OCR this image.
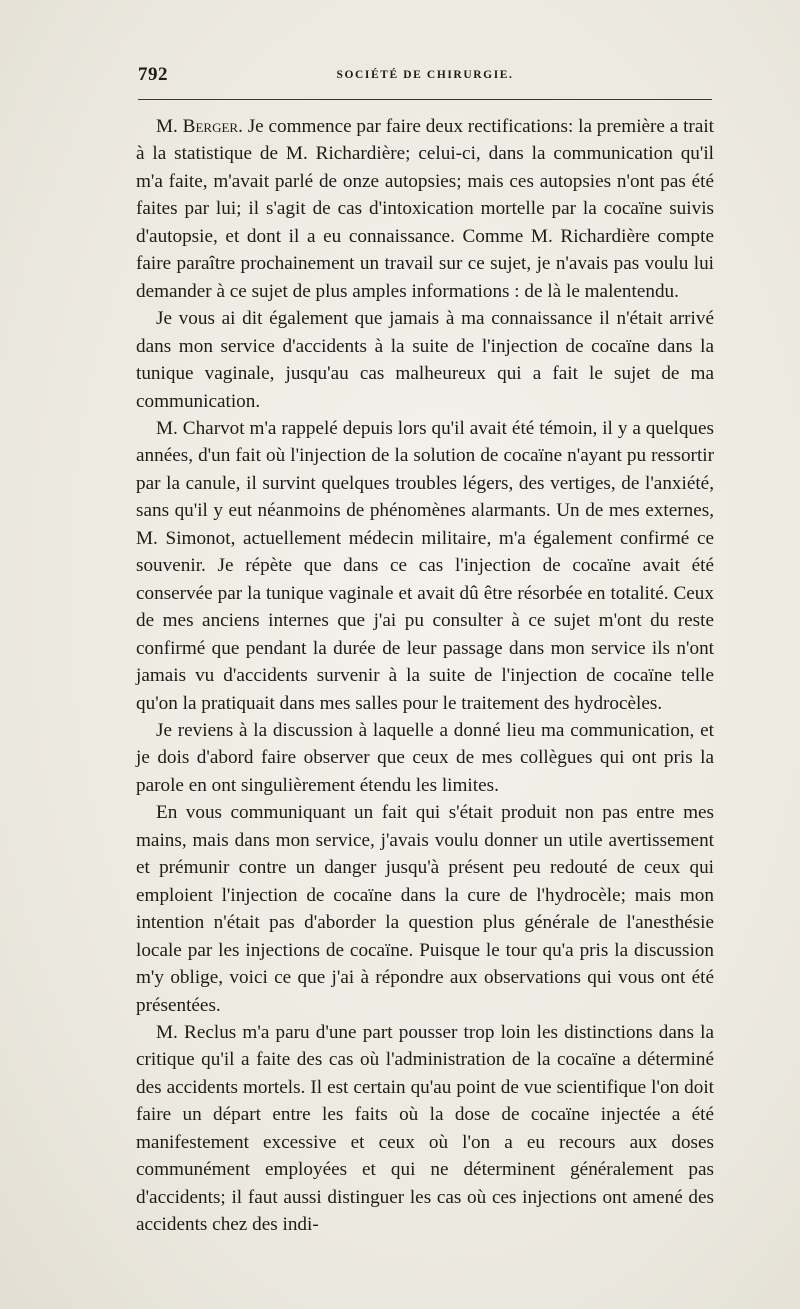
792	SOCIÉTÉ DE CHIRURGIE.

M. Berger. Je commence par faire deux rectifications: la première a trait à la statistique de M. Richardière; celui-ci, dans la communication qu'il m'a faite, m'avait parlé de onze autopsies; mais ces autopsies n'ont pas été faites par lui; il s'agit de cas d'intoxication mortelle par la cocaïne suivis d'autopsie, et dont il a eu connaissance. Comme M. Richardière compte faire paraître prochainement un travail sur ce sujet, je n'avais pas voulu lui demander à ce sujet de plus amples informations : de là le malentendu.

Je vous ai dit également que jamais à ma connaissance il n'était arrivé dans mon service d'accidents à la suite de l'injection de cocaïne dans la tunique vaginale, jusqu'au cas malheureux qui a fait le sujet de ma communication.

M. Charvot m'a rappelé depuis lors qu'il avait été témoin, il y a quelques années, d'un fait où l'injection de la solution de cocaïne n'ayant pu ressortir par la canule, il survint quelques troubles légers, des vertiges, de l'anxiété, sans qu'il y eut néanmoins de phénomènes alarmants. Un de mes externes, M. Simonot, actuellement médecin militaire, m'a également confirmé ce souvenir. Je répète que dans ce cas l'injection de cocaïne avait été conservée par la tunique vaginale et avait dû être résorbée en totalité. Ceux de mes anciens internes que j'ai pu consulter à ce sujet m'ont du reste confirmé que pendant la durée de leur passage dans mon service ils n'ont jamais vu d'accidents survenir à la suite de l'injection de cocaïne telle qu'on la pratiquait dans mes salles pour le traitement des hydrocèles.

Je reviens à la discussion à laquelle a donné lieu ma communication, et je dois d'abord faire observer que ceux de mes collègues qui ont pris la parole en ont singulièrement étendu les limites.

En vous communiquant un fait qui s'était produit non pas entre mes mains, mais dans mon service, j'avais voulu donner un utile avertissement et prémunir contre un danger jusqu'à présent peu redouté de ceux qui emploient l'injection de cocaïne dans la cure de l'hydrocèle; mais mon intention n'était pas d'aborder la question plus générale de l'anesthésie locale par les injections de cocaïne. Puisque le tour qu'a pris la discussion m'y oblige, voici ce que j'ai à répondre aux observations qui vous ont été présentées.

M. Reclus m'a paru d'une part pousser trop loin les distinctions dans la critique qu'il a faite des cas où l'administration de la cocaïne a déterminé des accidents mortels. Il est certain qu'au point de vue scientifique l'on doit faire un départ entre les faits où la dose de cocaïne injectée a été manifestement excessive et ceux où l'on a eu recours aux doses communément employées et qui ne déterminent généralement pas d'accidents; il faut aussi distinguer les cas où ces injections ont amené des accidents chez des indi-
